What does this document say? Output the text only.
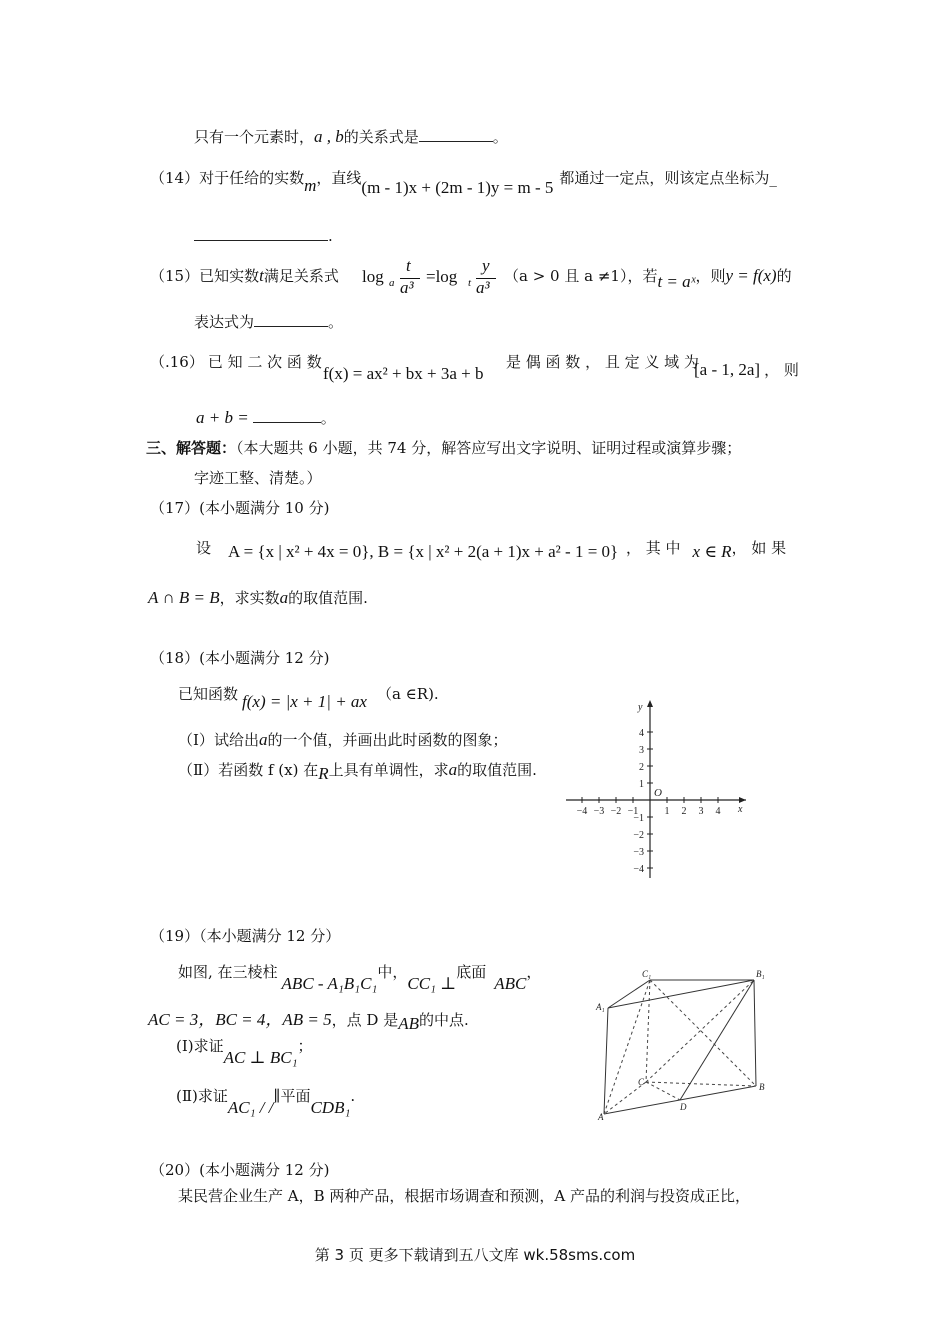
只有一个元素时，a , b的关系式是	。
（14）对于任给的实数m，直线(m - 1)x + (2m - 1)y = m - 5 都通过一定点，则该定点坐标为_
.
（15）已知实数t满足关系式 log a
t
a³
=log t
y
a³
（a > 0 且 a ≠1），若t = aˣ，则y = f(x)的
表达式为	。
（.16） 已 知 二 次 函 数
f(x) = ax² + bx + 3a + b
是 偶 函 数 ， 且 定 义 域 为
[a - 1, 2a] ， 则
a + b =	。
三、解答题：（本大题共 6 小题，共 74 分，解答应写出文字说明、证明过程或演算步骤；
字迹工整、清楚。）
（17）(本小题满分 10 分)
设 A = {x | x² + 4x = 0}, B = {x | x² + 2(a + 1)x + a² - 1 = 0} ， 其 中 x ∈ R， 如 果
A ∩ B = B，求实数a的取值范围.
（18）(本小题满分 12 分)
已知函数 f(x) = |x + 1| + ax （a ∈R).
（Ⅰ）试给出a的一个值，并画出此时函数的图象；
（Ⅱ）若函数 f (x) 在R上具有单调性，求a的取值范围.
−4 −3 −2 −1	1 2 3 4
4
3
2
1
−1
−2
−3
−4
y
x
O
（19）（本小题满分 12 分）
如图, 在三棱柱ABC - A₁B₁C₁中，CC₁ ⊥底面ABC，
AC = 3，BC = 4，AB = 5，点 D 是AB的中点.
(Ⅰ)求证AC ⊥ BC₁；
(Ⅱ)求证AC₁ / /∥平面CDB₁.
C₁	B₁
A₁
C	B
A
D
（20）(本小题满分 12 分)
某民营企业生产 A，B 两种产品，根据市场调查和预测，A 产品的利润与投资成正比，
第 3 页 更多下载请到五八文库 wk.58sms.com
